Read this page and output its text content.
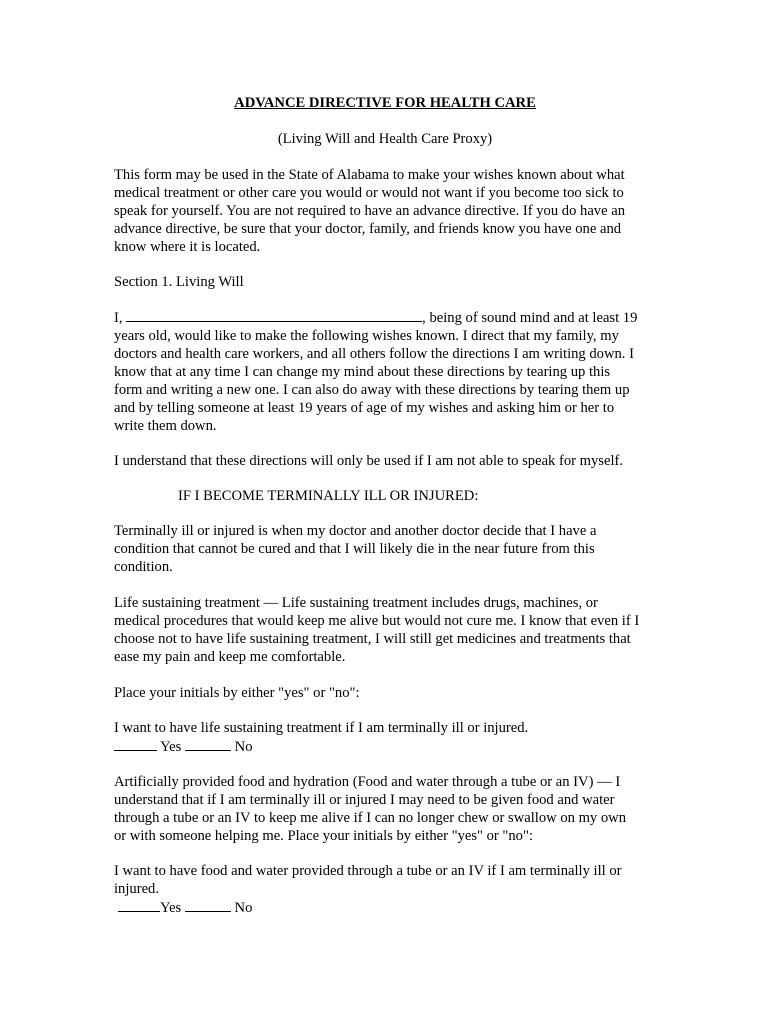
ADVANCE DIRECTIVE FOR HEALTH CARE
(Living Will and Health Care Proxy)
This form may be used in the State of Alabama to make your wishes known about what
medical treatment or other care you would or would not want if you become too sick to
speak for yourself. You are not required to have an advance directive. If you do have an
advance directive, be sure that your doctor, family, and friends know you have one and
know where it is located.
Section 1. Living Will
I,	, being of sound mind and at least 19
years old, would like to make the following wishes known. I direct that my family, my
doctors and health care workers, and all others follow the directions I am writing down. I
know that at any time I can change my mind about these directions by tearing up this
form and writing a new one. I can also do away with these directions by tearing them up
and by telling someone at least 19 years of age of my wishes and asking him or her to
write them down.
I understand that these directions will only be used if I am not able to speak for myself.
IF I BECOME TERMINALLY ILL OR INJURED:
Terminally ill or injured is when my doctor and another doctor decide that I have a
condition that cannot be cured and that I will likely die in the near future from this
condition.
Life sustaining treatment — Life sustaining treatment includes drugs, machines, or
medical procedures that would keep me alive but would not cure me. I know that even if I
choose not to have life sustaining treatment, I will still get medicines and treatments that
ease my pain and keep me comfortable.
Place your initials by either "yes" or "no":
I want to have life sustaining treatment if I am terminally ill or injured.
Yes	No
Artificially provided food and hydration (Food and water through a tube or an IV) — I
understand that if I am terminally ill or injured I may need to be given food and water
through a tube or an IV to keep me alive if I can no longer chew or swallow on my own
or with someone helping me. Place your initials by either "yes" or "no":
I want to have food and water provided through a tube or an IV if I am terminally ill or
injured.
Yes	No
